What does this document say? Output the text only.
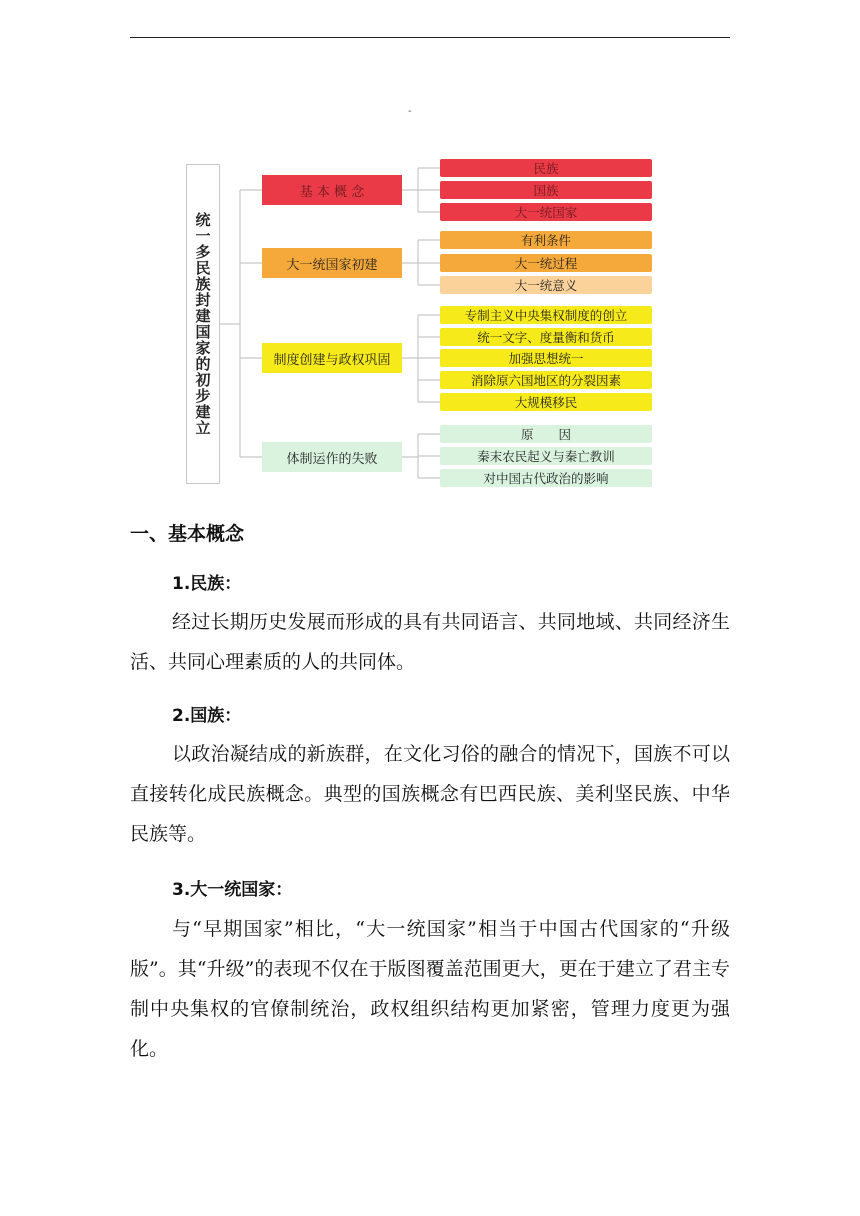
-
统一多民族封建国家的初步建立
基 本 概 念
民族
国族
大一统国家
大一统国家初建
有利条件
大一统过程
大一统意义
制度创建与政权巩固
专制主义中央集权制度的创立
统一文字、度量衡和货币
加强思想统一
消除原六国地区的分裂因素
大规模移民
体制运作的失败
原　　因
秦末农民起义与秦亡教训
对中国古代政治的影响
一、基本概念
1.民族：

经过长期历史发展而形成的具有共同语言、共同地域、共同经济生活、共同心理素质的人的共同体。

2.国族：

以政治凝结成的新族群，在文化习俗的融合的情况下，国族不可以直接转化成民族概念。典型的国族概念有巴西民族、美利坚民族、中华民族等。

3.大一统国家：

与“早期国家”相比，“大一统国家”相当于中国古代国家的“升级版”。其“升级”的表现不仅在于版图覆盖范围更大，更在于建立了君主专制中央集权的官僚制统治，政权组织结构更加紧密，管理力度更为强化。
